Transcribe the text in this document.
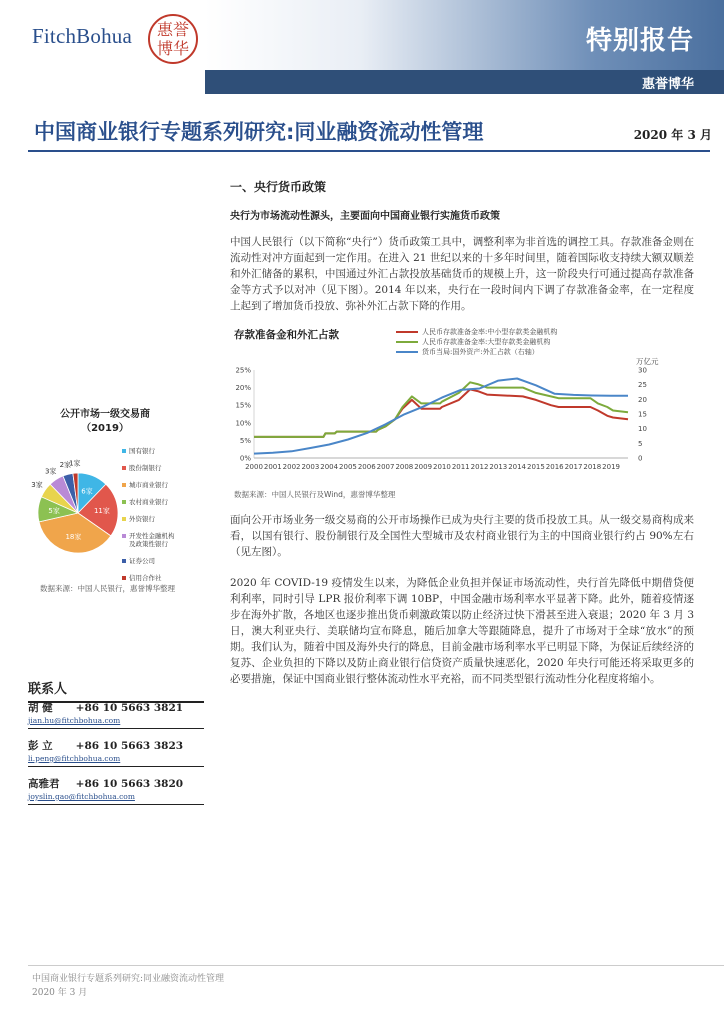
FitchBohua	惠誉
博华	特别报告
惠誉博华
中国商业银行专题系列研究:同业融资流动性管理	2020 年 3 月
一、央行货币政策
央行为市场流动性源头，主要面向中国商业银行实施货币政策
中国人民银行（以下简称“央行”）货币政策工具中，调整利率为非首选的调控工具。存款准备金则在流动性对冲方面起到一定作用。在进入 21 世纪以来的十多年时间里，随着国际收支持续大额双顺差和外汇储备的累积，中国通过外汇占款投放基础货币的规模上升，这一阶段央行可通过提高存款准备金等方式予以对冲（见下图）。2014 年以来，央行在一段时间内下调了存款准备金率，在一定程度上起到了增加货币投放、弥补外汇占款下降的作用。
存款准备金和外汇占款	人民币存款准备金率:中小型存款类金融机构
人民币存款准备金率:大型存款类金融机构
货币当局:国外资产:外汇占款（右轴）
万亿元
0%
5%
10%
15%
20%
25%
0
5
10
15
20
25
30
2000 2001 2002 2003 2004 2005 2006 2007 2008 2009 2010 2011 2012 2013 2014 2015 2016 2017 2018 2019
数据来源：中国人民银行及Wind，惠誉博华整理
公开市场一级交易商
（2019）
6家
11家
18家
5家
3家
3家
2家
1家
国有银行
股份制银行
城市商业银行
农村商业银行
外资银行
开发性金融机构
及政策性银行
证券公司
信用合作社
数据来源：中国人民银行，惠誉博华整理
面向公开市场业务一级交易商的公开市场操作已成为央行主要的货币投放工具。从一级交易商构成来看，以国有银行、股份制银行及全国性大型城市及农村商业银行为主的中国商业银行约占 90%左右（见左图）。
2020 年 COVID-19 疫情发生以来，为降低企业负担并保证市场流动性，央行首先降低中期借贷便利利率，同时引导 LPR 报价利率下调 10BP，中国金融市场利率水平显著下降。此外，随着疫情逐步在海外扩散，各地区也逐步推出货币刺激政策以防止经济过快下滑甚至进入衰退；2020 年 3 月 3 日，澳大利亚央行、美联储均宣布降息，随后加拿大等跟随降息，提升了市场对于全球“放水”的预期。我们认为，随着中国及海外央行的降息，目前金融市场利率水平已明显下降，为保证后续经济的复苏、企业负担的下降以及防止商业银行信贷资产质量快速恶化，2020 年央行可能还将采取更多的必要措施，保证中国商业银行整体流动性水平充裕，而不同类型银行流动性分化程度将缩小。
联系人
胡 健 +86 10 5663 3821
jian.hu@fitchbohua.com
彭 立 +86 10 5663 3823
li.peng@fitchbohua.com
高雅君 +86 10 5663 3820
joyslin.gao@fitchbohua.com
中国商业银行专题系列研究:同业融资流动性管理
2020 年 3 月
